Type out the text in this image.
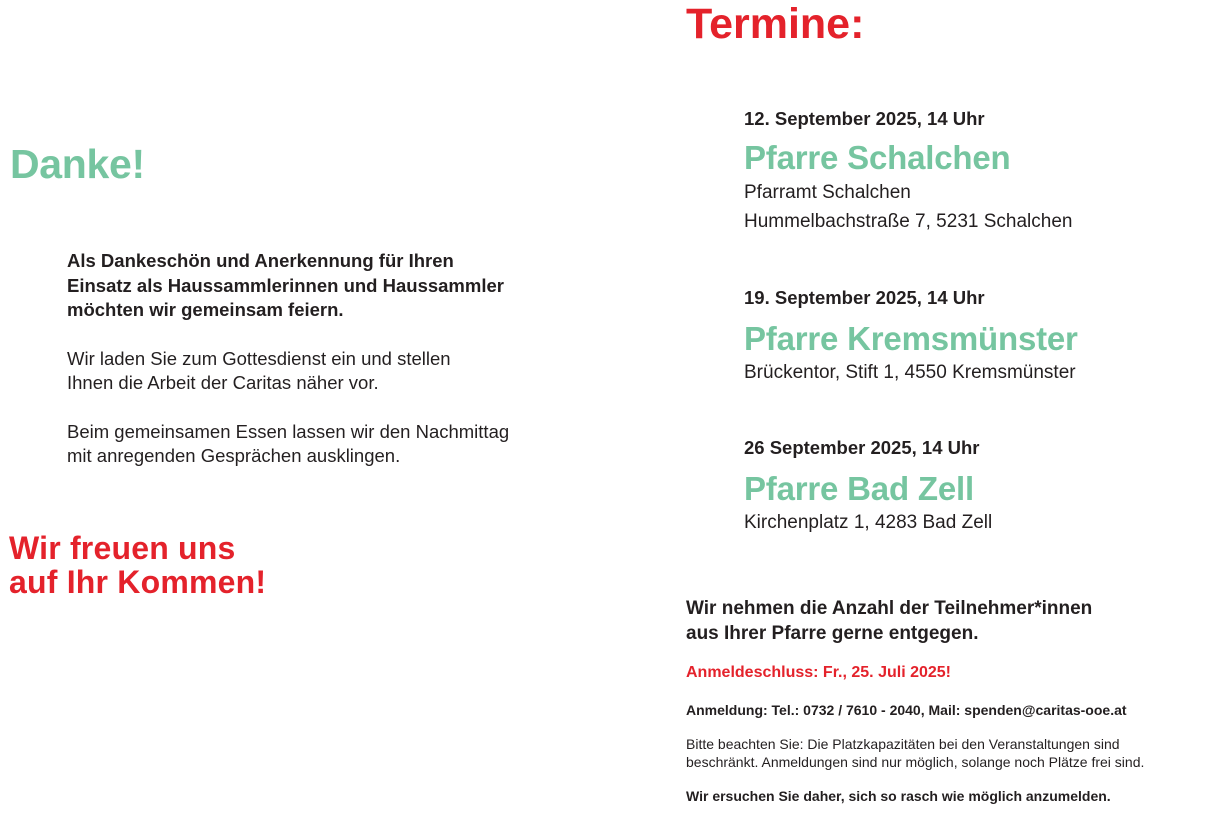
Danke!

Als Dankeschön und Anerkennung für Ihren
Einsatz als Haussammlerinnen und Haussammler
möchten wir gemeinsam feiern.

Wir laden Sie zum Gottesdienst ein und stellen
Ihnen die Arbeit der Caritas näher vor.

Beim gemeinsamen Essen lassen wir den Nachmittag
mit anregenden Gesprächen ausklingen.

Wir freuen uns
auf Ihr Kommen!
Termine:
12. September 2025, 14 Uhr
Pfarre Schalchen
Pfarramt Schalchen
Hummelbachstraße 7, 5231 Schalchen
19. September 2025, 14 Uhr
Pfarre Kremsmünster
Brückentor, Stift 1, 4550 Kremsmünster
26 September 2025, 14 Uhr
Pfarre Bad Zell
Kirchenplatz 1, 4283 Bad Zell

Wir nehmen die Anzahl der Teilnehmer*innen
aus Ihrer Pfarre gerne entgegen.

Anmeldeschluss: Fr., 25. Juli 2025!

Anmeldung: Tel.: 0732 / 7610 - 2040, Mail: spenden@caritas-ooe.at

Bitte beachten Sie: Die Platzkapazitäten bei den Veranstaltungen sind
beschränkt. Anmeldungen sind nur möglich, solange noch Plätze frei sind.

Wir ersuchen Sie daher, sich so rasch wie möglich anzumelden.
